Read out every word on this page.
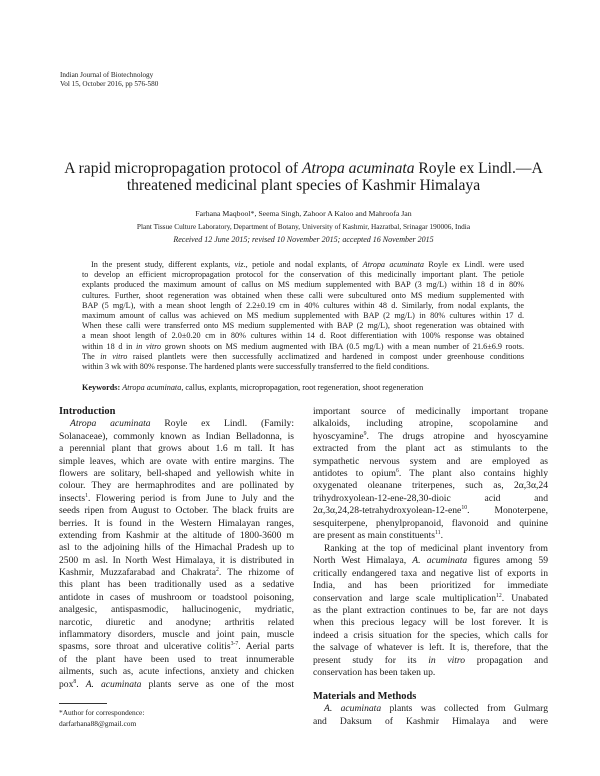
Indian Journal of Biotechnology
Vol 15, October 2016, pp 576-580
A rapid micropropagation protocol of Atropa acuminata Royle ex Lindl.—A
threatened medicinal plant species of Kashmir Himalaya
Farhana Maqbool*, Seema Singh, Zahoor A Kaloo and Mahroofa Jan
Plant Tissue Culture Laboratory, Department of Botany, University of Kashmir, Hazratbal, Srinagar 190006, India
Received 12 June 2015; revised 10 November 2015; accepted 16 November 2015
In the present study, different explants, viz., petiole and nodal explants, of Atropa acuminata Royle ex Lindl. were used
to develop an efficient micropropagation protocol for the conservation of this medicinally important plant. The petiole
explants produced the maximum amount of callus on MS medium supplemented with BAP (3 mg/L) within 18 d in 80%
cultures. Further, shoot regeneration was obtained when these calli were subcultured onto MS medium supplemented with
BAP (5 mg/L), with a mean shoot length of 2.2±0.19 cm in 40% cultures within 48 d. Similarly, from nodal explants, the
maximum amount of callus was achieved on MS medium supplemented with BAP (2 mg/L) in 80% cultures within 17 d.
When these calli were transferred onto MS medium supplemented with BAP (2 mg/L), shoot regeneration was obtained with
a mean shoot length of 2.0±0.20 cm in 80% cultures within 14 d. Root differentiation with 100% response was obtained
within 18 d in in vitro grown shoots on MS medium augmented with IBA (0.5 mg/L) with a mean number of 21.6±6.9 roots.
The in vitro raised plantlets were then successfully acclimatized and hardened in compost under greenhouse conditions
within 3 wk with 80% response. The hardened plants were successfully transferred to the field conditions.
Keywords: Atropa acuminata, callus, explants, micropropagation, root regeneration, shoot regeneration
Introduction
Atropa acuminata Royle ex Lindl. (Family:
Solanaceae), commonly known as Indian Belladonna, is
a perennial plant that grows about 1.6 m tall. It has
simple leaves, which are ovate with entire margins. The
flowers are solitary, bell-shaped and yellowish white in
colour. They are hermaphrodites and are pollinated by
insects$^1$. Flowering period is from June to July and the
seeds ripen from August to October. The black fruits are
berries. It is found in the Western Himalayan ranges,
extending from Kashmir at the altitude of 1800-3600 m
asl to the adjoining hills of the Himachal Pradesh up to
2500 m asl. In North West Himalaya, it is distributed in
Kashmir, Muzzafarabad and Chakrata$^2$. The rhizome of
this plant has been traditionally used as a sedative
antidote in cases of mushroom or toadstool poisoning,
analgesic, antispasmodic, hallucinogenic, mydriatic,
narcotic, diuretic and anodyne; arthritis related
inflammatory disorders, muscle and joint pain, muscle
spasms, sore throat and ulcerative colitis$^{3-7}$. Aerial parts
of the plant have been used to treat innumerable
ailments, such as, acute infections, anxiety and chicken
pox$^8$. A. acuminata plants serve as one of the most
*Author for correspondence:
darfarhana88@gmail.com
important source of medicinally important tropane
alkaloids, including atropine, scopolamine and
hyoscyamine$^9$. The drugs atropine and hyoscyamine
extracted from the plant act as stimulants to the
sympathetic nervous system and are employed as
antidotes to opium$^6$. The plant also contains highly
oxygenated oleanane triterpenes, such as, 2α,3α,24
trihydroxyolean-12-ene-28,30-dioic acid and
2α,3α,24,28-tetrahydroxyolean-12-ene$^{10}$. Monoterpene,
sesquiterpene, phenylpropanoid, flavonoid and quinine
are present as main constituents$^{11}$.
Ranking at the top of medicinal plant inventory from
North West Himalaya, A. acuminata figures among 59
critically endangered taxa and negative list of exports in
India, and has been prioritized for immediate
conservation and large scale multiplication$^{12}$. Unabated
as the plant extraction continues to be, far are not days
when this precious legacy will be lost forever. It is
indeed a crisis situation for the species, which calls for
the salvage of whatever is left. It is, therefore, that the
present study for its in vitro propagation and
conservation has been taken up.
Materials and Methods
A. acuminata plants was collected from Gulmarg
and Daksum of Kashmir Himalaya and were
